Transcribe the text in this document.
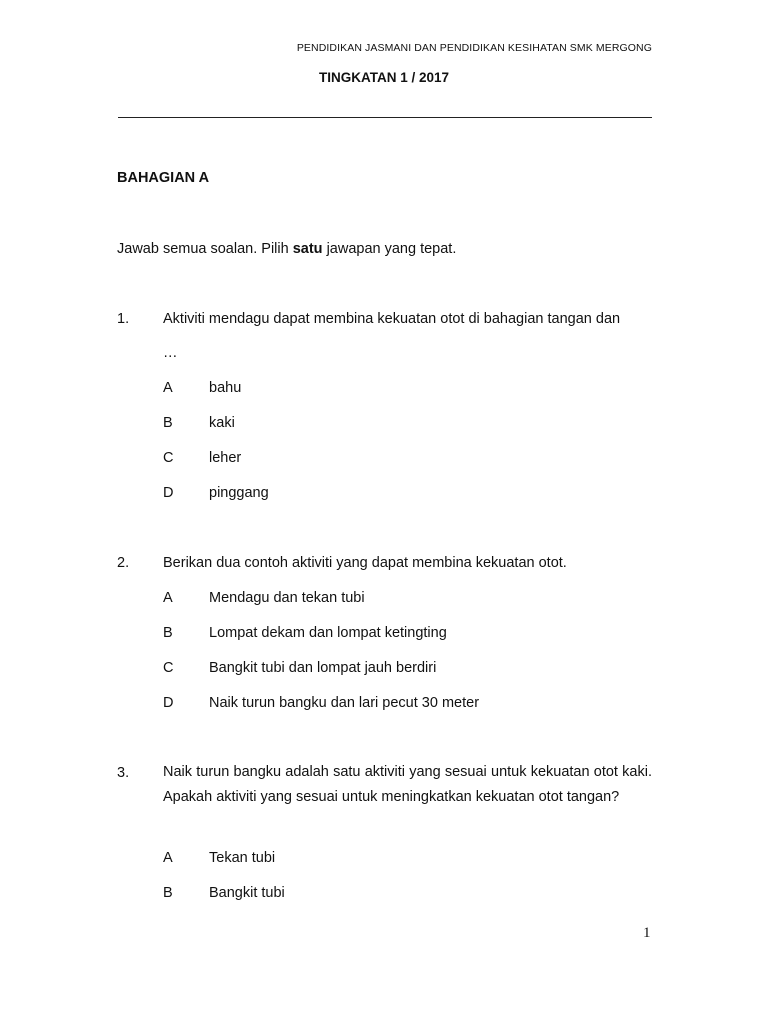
PENDIDIKAN JASMANI DAN PENDIDIKAN KESIHATAN SMK MERGONG
TINGKATAN 1 / 2017
BAHAGIAN A
Jawab semua soalan. Pilih satu jawapan yang tepat.
1. Aktiviti mendagu dapat membina kekuatan otot di bahagian tangan dan
…
A	bahu
B	kaki
C leher
D pinggang
2. Berikan dua contoh aktiviti yang dapat membina kekuatan otot.
A	Mendagu dan tekan tubi
B	Lompat dekam dan lompat ketingting
C Bangkit tubi dan lompat jauh berdiri
D Naik turun bangku dan lari pecut 30 meter
3. Naik turun bangku adalah satu aktiviti yang sesuai untuk kekuatan otot kaki. Apakah aktiviti yang sesuai untuk meningkatkan kekuatan otot tangan?
A	Tekan tubi
B	Bangkit tubi
1
